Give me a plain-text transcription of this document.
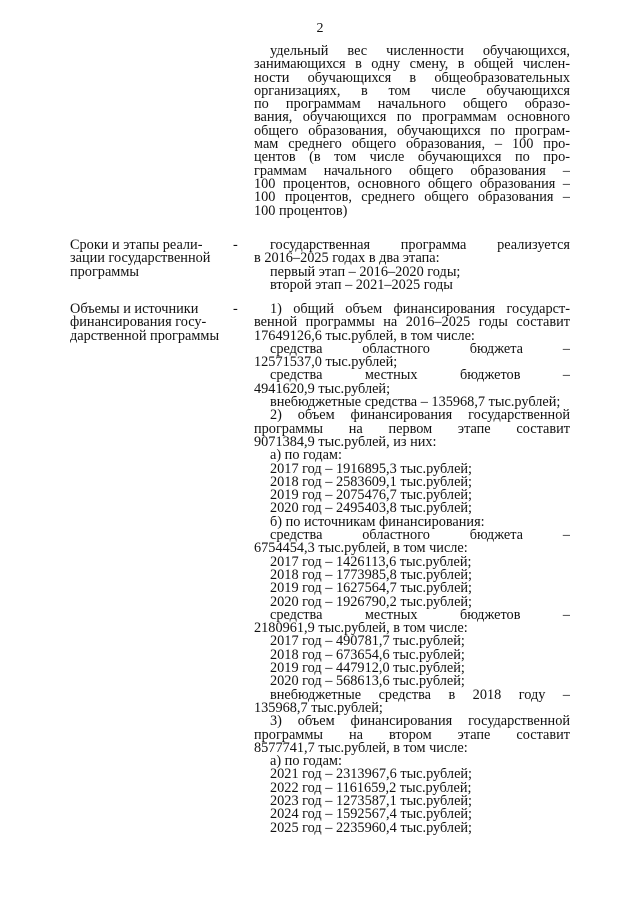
2
удельный вес численности обучающихся,
занимающихся в одну смену, в общей числен-
ности обучающихся в общеобразовательных
организациях, в том числе обучающихся
по программам начального общего образо-
вания, обучающихся по программам основного
общего образования, обучающихся по програм-
мам среднего общего образования, – 100 про-
центов (в том числе обучающихся по про-
граммам начального общего образования –
100 процентов, основного общего образования –
100 процентов, среднего общего образования –
100 процентов)
Сроки и этапы реали-
зации государственной
программы
-	государственная программа реализуется
в 2016–2025 годах в два этапа:
первый этап – 2016–2020 годы;
второй этап – 2021–2025 годы
Объемы и источники
финансирования госу-
дарственной программы
-	1) общий объем финансирования государст-
венной программы на 2016–2025 годы составит
17649126,6 тыс.рублей, в том числе:
средства областного бюджета –
12571537,0 тыс.рублей;
средства местных бюджетов –
4941620,9 тыс.рублей;
внебюджетные средства – 135968,7 тыс.рублей;
2) объем финансирования государственной
программы на первом этапе составит
9071384,9 тыс.рублей, из них:
а) по годам:
2017 год – 1916895,3 тыс.рублей;
2018 год – 2583609,1 тыс.рублей;
2019 год – 2075476,7 тыс.рублей;
2020 год – 2495403,8 тыс.рублей;
б) по источникам финансирования:
средства областного бюджета –
6754454,3 тыс.рублей, в том числе:
2017 год – 1426113,6 тыс.рублей;
2018 год – 1773985,8 тыс.рублей;
2019 год – 1627564,7 тыс.рублей;
2020 год – 1926790,2 тыс.рублей;
средства местных бюджетов –
2180961,9 тыс.рублей, в том числе:
2017 год – 490781,7 тыс.рублей;
2018 год – 673654,6 тыс.рублей;
2019 год – 447912,0 тыс.рублей;
2020 год – 568613,6 тыс.рублей;
внебюджетные средства в 2018 году –
135968,7 тыс.рублей;
3) объем финансирования государственной
программы на втором этапе составит
8577741,7 тыс.рублей, в том числе:
а) по годам:
2021 год – 2313967,6 тыс.рублей;
2022 год – 1161659,2 тыс.рублей;
2023 год – 1273587,1 тыс.рублей;
2024 год – 1592567,4 тыс.рублей;
2025 год – 2235960,4 тыс.рублей;
